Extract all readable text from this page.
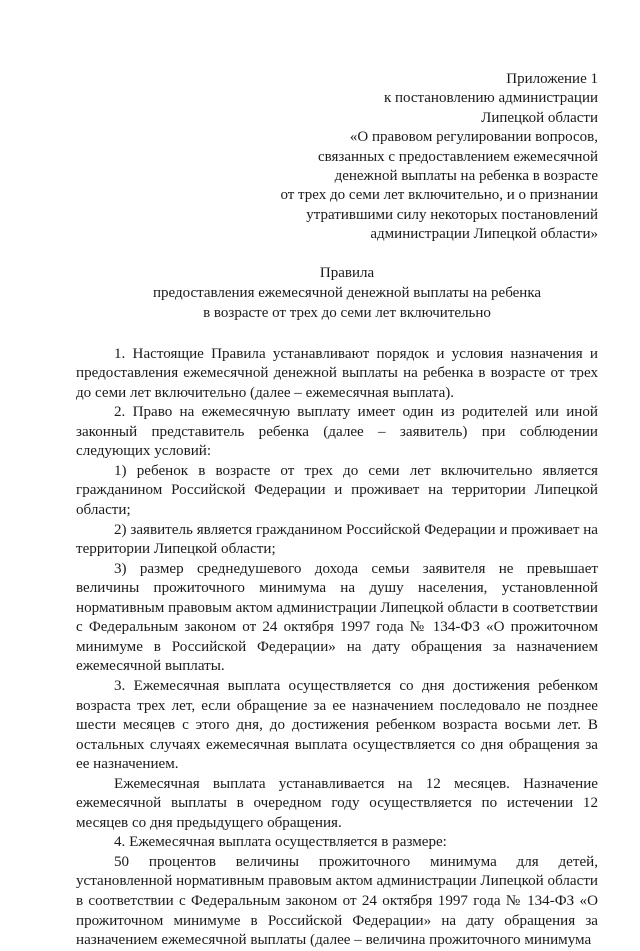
Приложение 1
к постановлению администрации
Липецкой области
«О правовом регулировании вопросов,
связанных с предоставлением ежемесячной
денежной выплаты на ребенка в возрасте
от трех до семи лет включительно, и о признании
утратившими силу некоторых постановлений
администрации Липецкой области»
Правила
предоставления ежемесячной денежной выплаты на ребенка
в возрасте от трех до семи лет включительно

1. Настоящие Правила устанавливают порядок и условия назначения и предоставления ежемесячной денежной выплаты на ребенка в возрасте от трех до семи лет включительно (далее – ежемесячная выплата).

2. Право на ежемесячную выплату имеет один из родителей или иной законный представитель ребенка (далее – заявитель) при соблюдении следующих условий:

1) ребенок в возрасте от трех до семи лет включительно является гражданином Российской Федерации и проживает на территории Липецкой области;

2) заявитель является гражданином Российской Федерации и проживает на территории Липецкой области;

3) размер среднедушевого дохода семьи заявителя не превышает величины прожиточного минимума на душу населения, установленной нормативным правовым актом администрации Липецкой области в соответствии с Федеральным законом от 24 октября 1997 года № 134-ФЗ «О прожиточном минимуме в Российской Федерации» на дату обращения за назначением ежемесячной выплаты.

3. Ежемесячная выплата осуществляется со дня достижения ребенком возраста трех лет, если обращение за ее назначением последовало не позднее шести месяцев с этого дня, до достижения ребенком возраста восьми лет. В остальных случаях ежемесячная выплата осуществляется со дня обращения за ее назначением.

Ежемесячная выплата устанавливается на 12 месяцев. Назначение ежемесячной выплаты в очередном году осуществляется по истечении 12 месяцев со дня предыдущего обращения.

4. Ежемесячная выплата осуществляется в размере:

50 процентов величины прожиточного минимума для детей, установленной нормативным правовым актом администрации Липецкой области в соответствии с Федеральным законом от 24 октября 1997 года № 134-ФЗ «О прожиточном минимуме в Российской Федерации» на дату обращения за назначением ежемесячной выплаты (далее – величина прожиточного минимума
